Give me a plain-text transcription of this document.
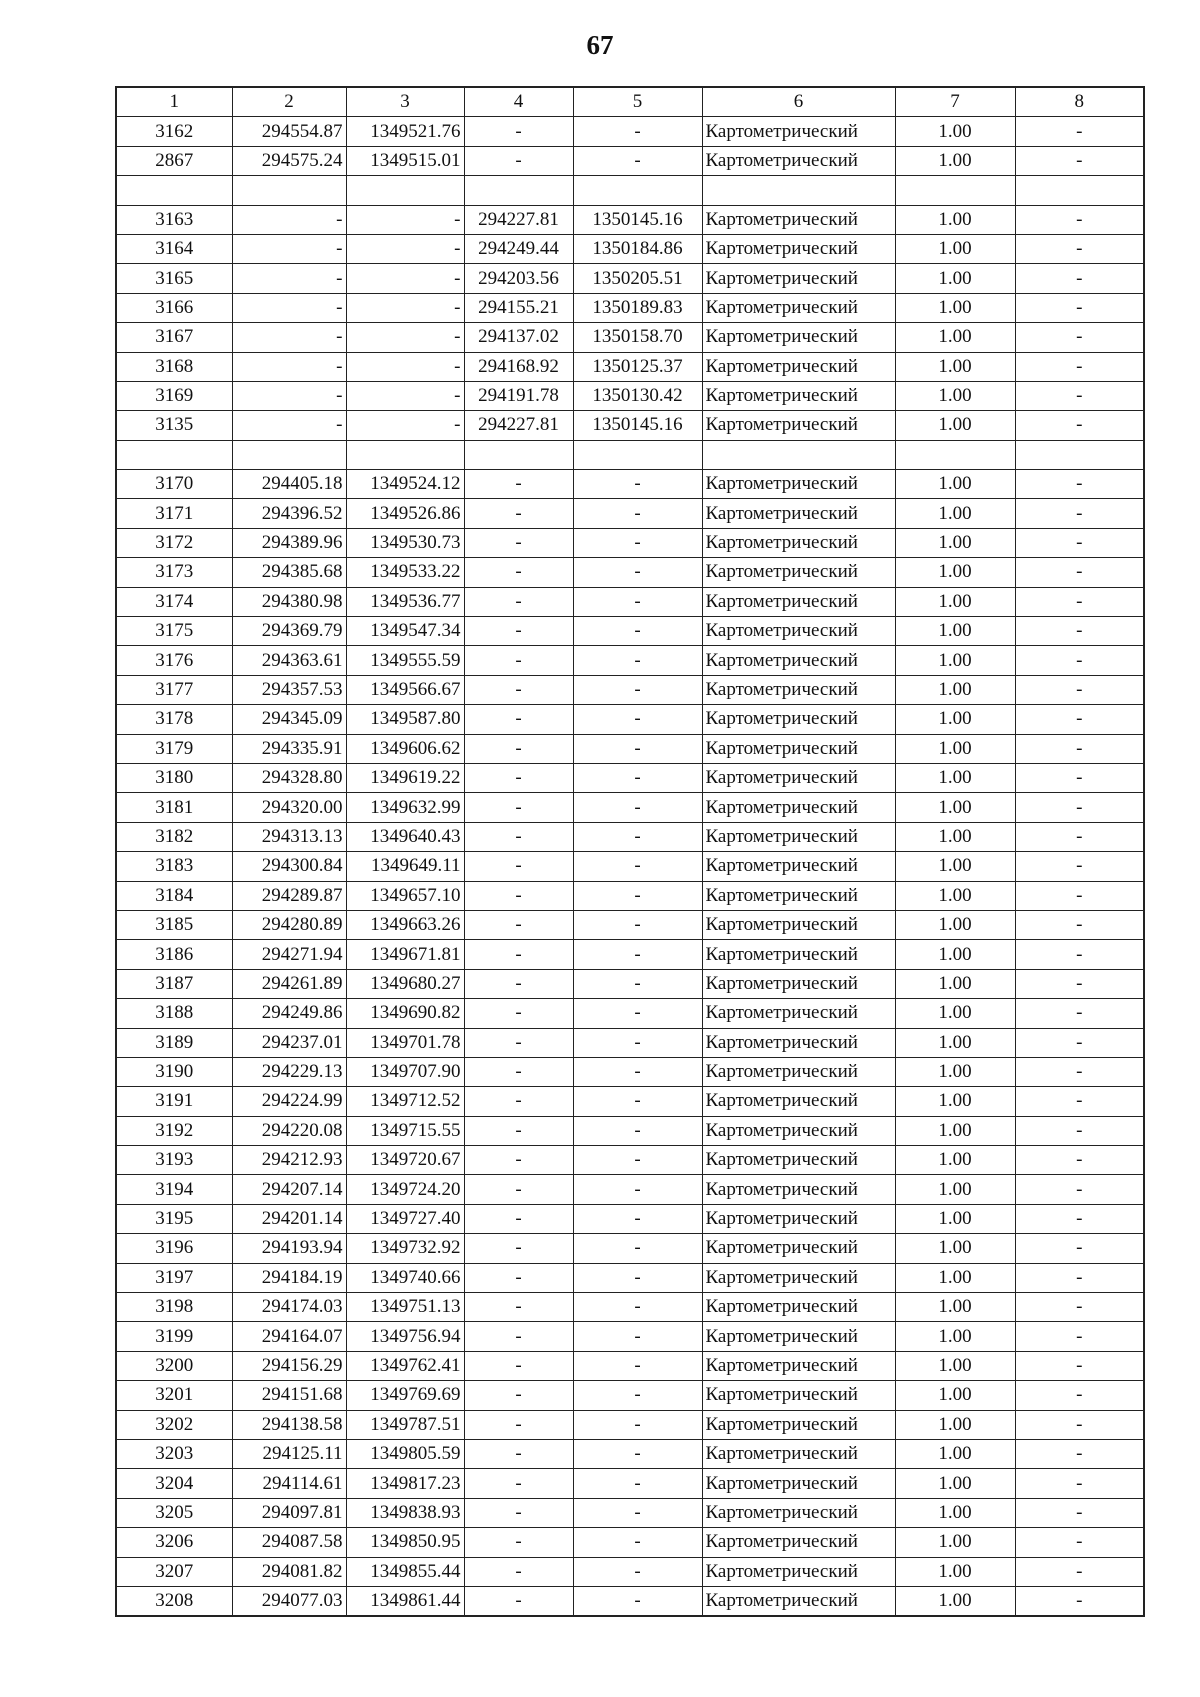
67
1	2	3	4	5	6	7	8
3162	294554.87	1349521.76	-	-	Картометрический	1.00	-
2867	294575.24	1349515.01	-	-	Картометрический	1.00	-

3163	-	-	294227.81	1350145.16	Картометрический	1.00	-
3164	-	-	294249.44	1350184.86	Картометрический	1.00	-
3165	-	-	294203.56	1350205.51	Картометрический	1.00	-
3166	-	-	294155.21	1350189.83	Картометрический	1.00	-
3167	-	-	294137.02	1350158.70	Картометрический	1.00	-
3168	-	-	294168.92	1350125.37	Картометрический	1.00	-
3169	-	-	294191.78	1350130.42	Картометрический	1.00	-
3135	-	-	294227.81	1350145.16	Картометрический	1.00	-

3170	294405.18	1349524.12	-	-	Картометрический	1.00	-
3171	294396.52	1349526.86	-	-	Картометрический	1.00	-
3172	294389.96	1349530.73	-	-	Картометрический	1.00	-
3173	294385.68	1349533.22	-	-	Картометрический	1.00	-
3174	294380.98	1349536.77	-	-	Картометрический	1.00	-
3175	294369.79	1349547.34	-	-	Картометрический	1.00	-
3176	294363.61	1349555.59	-	-	Картометрический	1.00	-
3177	294357.53	1349566.67	-	-	Картометрический	1.00	-
3178	294345.09	1349587.80	-	-	Картометрический	1.00	-
3179	294335.91	1349606.62	-	-	Картометрический	1.00	-
3180	294328.80	1349619.22	-	-	Картометрический	1.00	-
3181	294320.00	1349632.99	-	-	Картометрический	1.00	-
3182	294313.13	1349640.43	-	-	Картометрический	1.00	-
3183	294300.84	1349649.11	-	-	Картометрический	1.00	-
3184	294289.87	1349657.10	-	-	Картометрический	1.00	-
3185	294280.89	1349663.26	-	-	Картометрический	1.00	-
3186	294271.94	1349671.81	-	-	Картометрический	1.00	-
3187	294261.89	1349680.27	-	-	Картометрический	1.00	-
3188	294249.86	1349690.82	-	-	Картометрический	1.00	-
3189	294237.01	1349701.78	-	-	Картометрический	1.00	-
3190	294229.13	1349707.90	-	-	Картометрический	1.00	-
3191	294224.99	1349712.52	-	-	Картометрический	1.00	-
3192	294220.08	1349715.55	-	-	Картометрический	1.00	-
3193	294212.93	1349720.67	-	-	Картометрический	1.00	-
3194	294207.14	1349724.20	-	-	Картометрический	1.00	-
3195	294201.14	1349727.40	-	-	Картометрический	1.00	-
3196	294193.94	1349732.92	-	-	Картометрический	1.00	-
3197	294184.19	1349740.66	-	-	Картометрический	1.00	-
3198	294174.03	1349751.13	-	-	Картометрический	1.00	-
3199	294164.07	1349756.94	-	-	Картометрический	1.00	-
3200	294156.29	1349762.41	-	-	Картометрический	1.00	-
3201	294151.68	1349769.69	-	-	Картометрический	1.00	-
3202	294138.58	1349787.51	-	-	Картометрический	1.00	-
3203	294125.11	1349805.59	-	-	Картометрический	1.00	-
3204	294114.61	1349817.23	-	-	Картометрический	1.00	-
3205	294097.81	1349838.93	-	-	Картометрический	1.00	-
3206	294087.58	1349850.95	-	-	Картометрический	1.00	-
3207	294081.82	1349855.44	-	-	Картометрический	1.00	-
3208	294077.03	1349861.44	-	-	Картометрический	1.00	-
